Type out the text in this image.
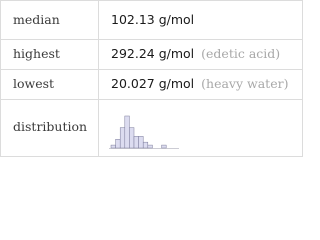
median	102.13 g/mol
highest	292.24 g/mol (edetic acid)
lowest	20.027 g/mol (heavy water)
distribution
